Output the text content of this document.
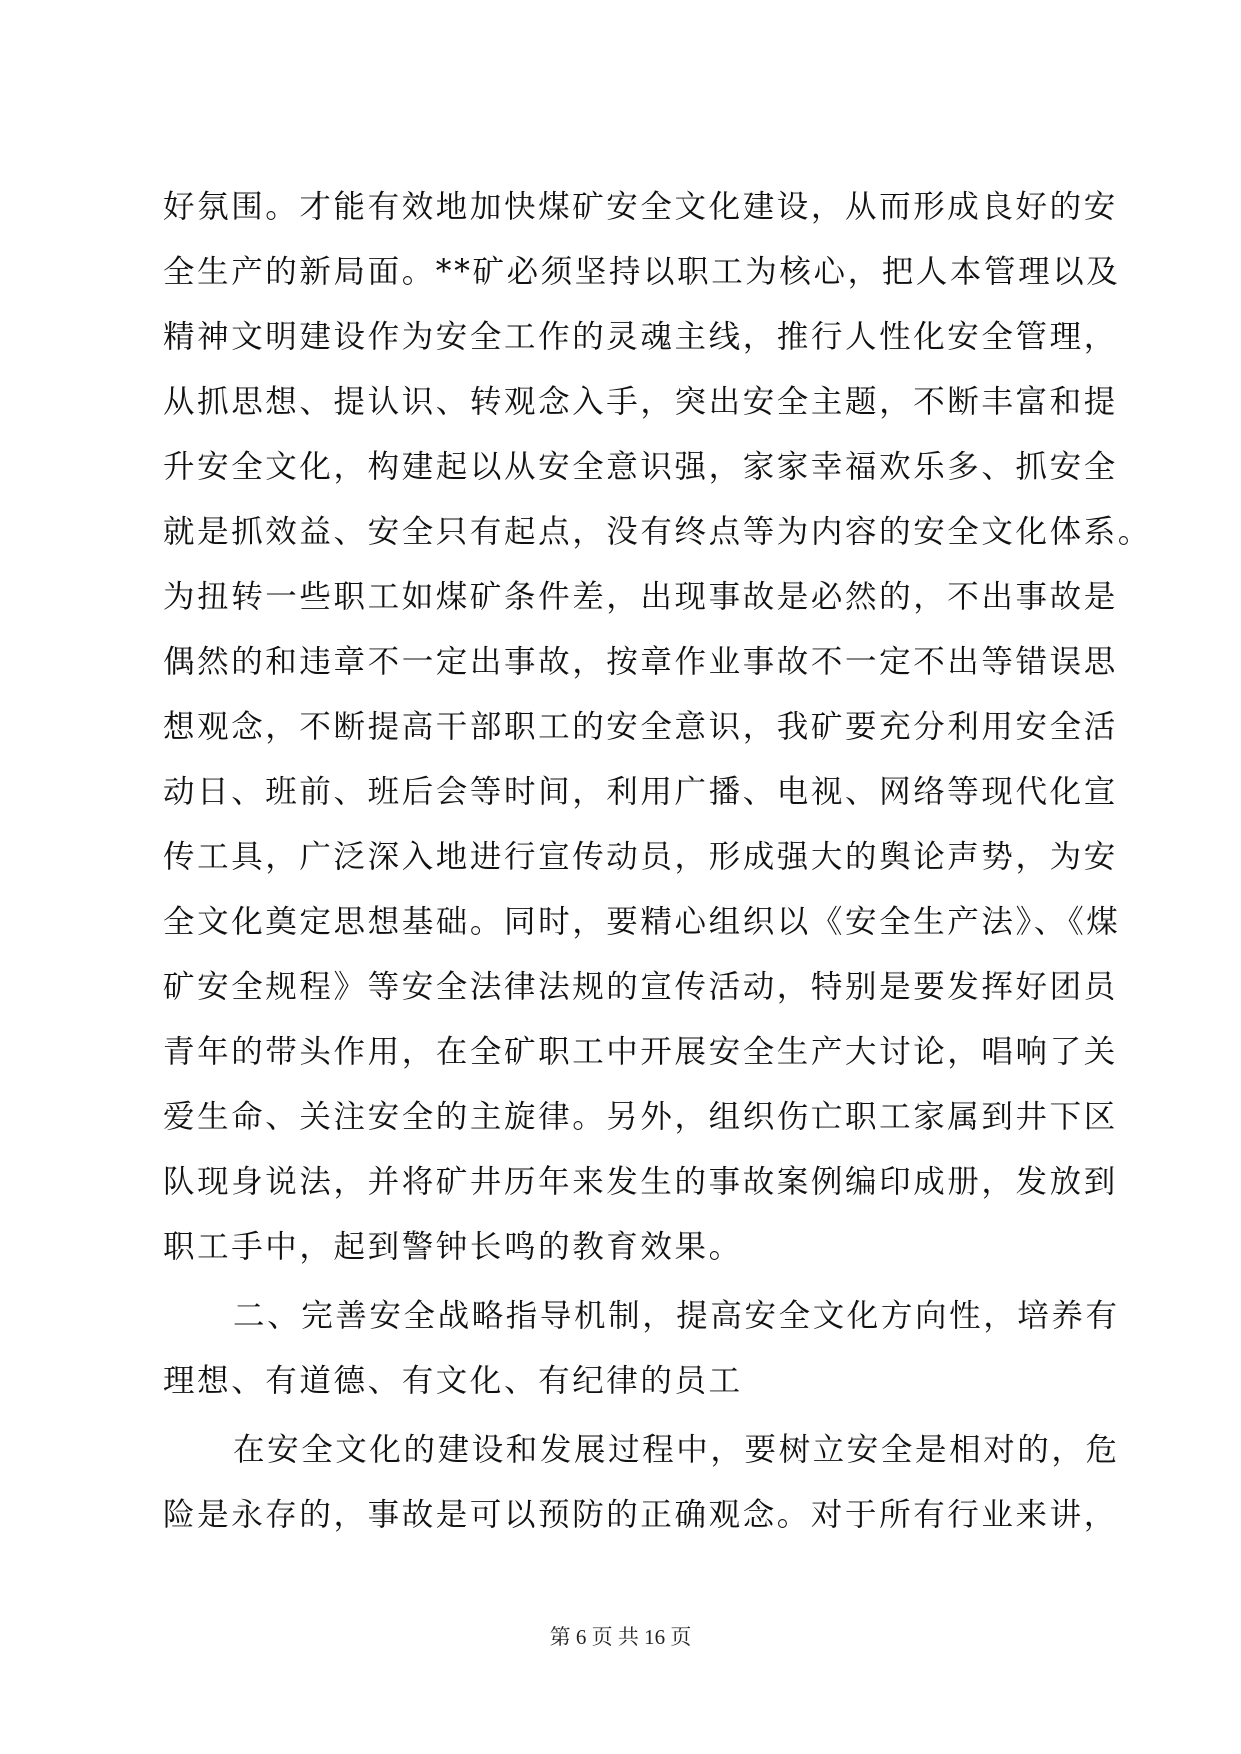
好氛围。才能有效地加快煤矿安全文化建设，从而形成良好的安
全生产的新局面。**矿必须坚持以职工为核心，把人本管理以及
精神文明建设作为安全工作的灵魂主线，推行人性化安全管理，
从抓思想、提认识、转观念入手，突出安全主题，不断丰富和提
升安全文化，构建起以从安全意识强，家家幸福欢乐多、抓安全
就是抓效益、安全只有起点，没有终点等为内容的安全文化体系。
为扭转一些职工如煤矿条件差，出现事故是必然的，不出事故是
偶然的和违章不一定出事故，按章作业事故不一定不出等错误思
想观念，不断提高干部职工的安全意识，我矿要充分利用安全活
动日、班前、班后会等时间，利用广播、电视、网络等现代化宣
传工具，广泛深入地进行宣传动员，形成强大的舆论声势，为安
全文化奠定思想基础。同时，要精心组织以《安全生产法》、《煤
矿安全规程》等安全法律法规的宣传活动，特别是要发挥好团员
青年的带头作用，在全矿职工中开展安全生产大讨论，唱响了关
爱生命、关注安全的主旋律。另外，组织伤亡职工家属到井下区
队现身说法，并将矿井历年来发生的事故案例编印成册，发放到
职工手中，起到警钟长鸣的教育效果。
二、完善安全战略指导机制，提高安全文化方向性，培养有
理想、有道德、有文化、有纪律的员工
在安全文化的建设和发展过程中，要树立安全是相对的，危
险是永存的，事故是可以预防的正确观念。对于所有行业来讲，
第 6 页 共 16 页
